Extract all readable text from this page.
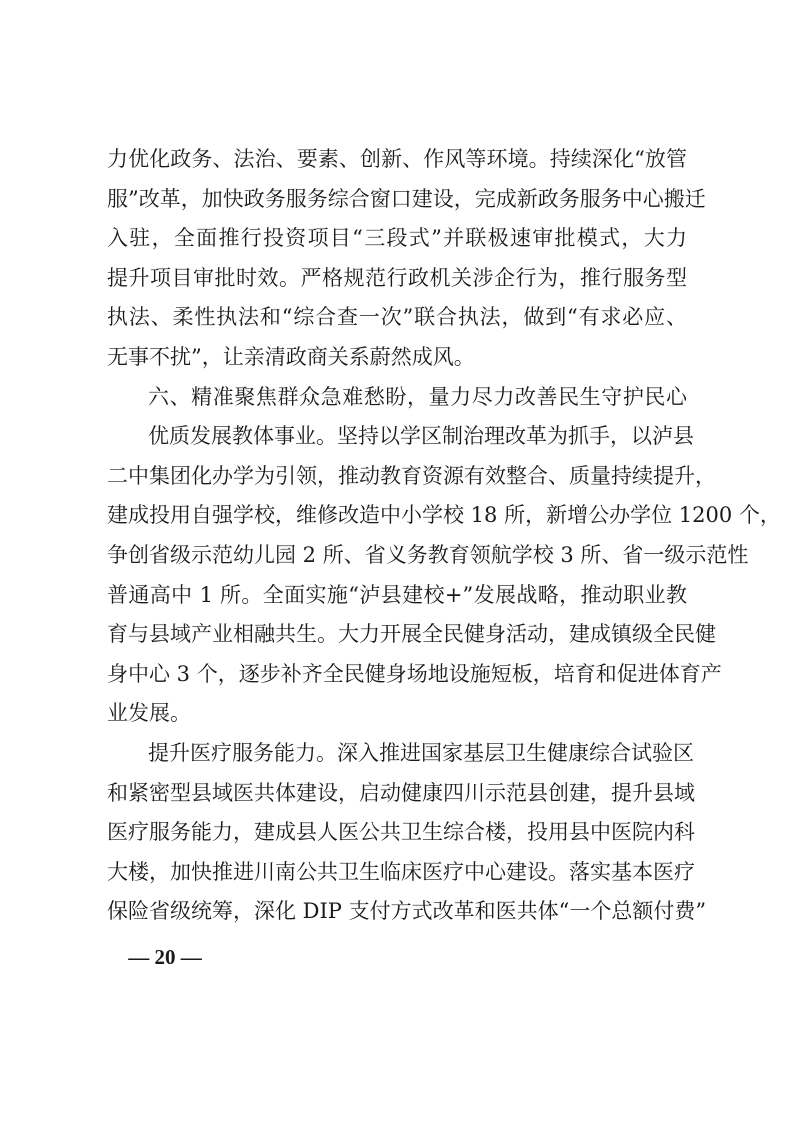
力优化政务、法治、要素、创新、作风等环境。持续深化“放管
服”改革，加快政务服务综合窗口建设，完成新政务服务中心搬迁
入驻，全面推行投资项目“三段式”并联极速审批模式，大力
提升项目审批时效。严格规范行政机关涉企行为，推行服务型
执法、柔性执法和“综合查一次”联合执法，做到“有求必应、
无事不扰”，让亲清政商关系蔚然成风。
六、精准聚焦群众急难愁盼，量力尽力改善民生守护民心
优质发展教体事业。坚持以学区制治理改革为抓手，以泸县
二中集团化办学为引领，推动教育资源有效整合、质量持续提升，
建成投用自强学校，维修改造中小学校 18 所，新增公办学位 1200 个，
争创省级示范幼儿园 2 所、省义务教育领航学校 3 所、省一级示范性
普通高中 1 所。全面实施“泸县建校+”发展战略，推动职业教
育与县域产业相融共生。大力开展全民健身活动，建成镇级全民健
身中心 3 个，逐步补齐全民健身场地设施短板，培育和促进体育产
业发展。
提升医疗服务能力。深入推进国家基层卫生健康综合试验区
和紧密型县域医共体建设，启动健康四川示范县创建，提升县域
医疗服务能力，建成县人医公共卫生综合楼，投用县中医院内科
大楼，加快推进川南公共卫生临床医疗中心建设。落实基本医疗
保险省级统筹，深化 DIP 支付方式改革和医共体“一个总额付费”
— 20 —
